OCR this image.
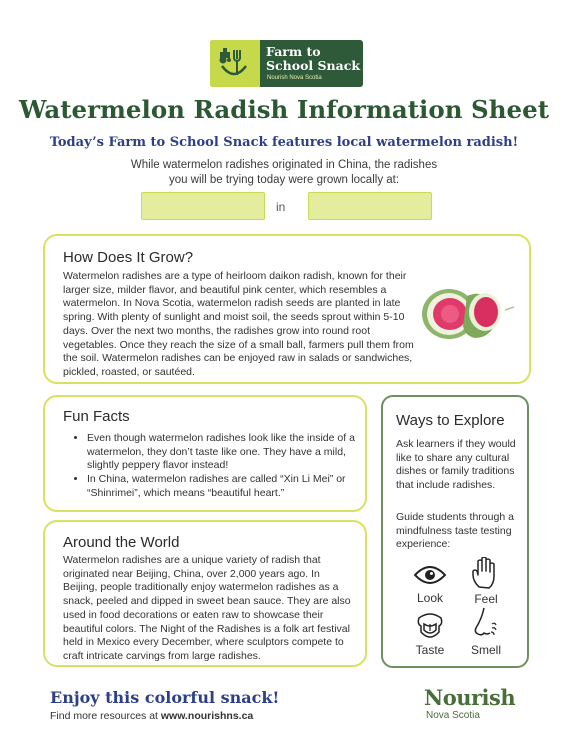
Farm to
School Snack
Nourish Nova Scotia
Watermelon Radish Information Sheet
Today’s Farm to School Snack features local watermelon radish!
While watermelon radishes originated in China, the radishes you will be trying today were grown locally at:
in
How Does It Grow?
Watermelon radishes are a type of heirloom daikon radish, known for their larger size, milder flavor, and beautiful pink center, which resembles a watermelon. In Nova Scotia, watermelon radish seeds are planted in late spring. With plenty of sunlight and moist soil, the seeds sprout within 5-10 days. Over the next two months, the radishes grow into round root vegetables. Once they reach the size of a small ball, farmers pull them from the soil. Watermelon radishes can be enjoyed raw in salads or sandwiches, pickled, roasted, or sautéed.
Fun Facts
• Even though watermelon radishes look like the inside of a watermelon, they don’t taste like one. They have a mild, slightly peppery flavor instead!
• In China, watermelon radishes are called “Xin Li Mei” or “Shinrimei”, which means “beautiful heart.”
Around the World
Watermelon radishes are a unique variety of radish that originated near Beijing, China, over 2,000 years ago. In Beijing, people traditionally enjoy watermelon radishes as a snack, peeled and dipped in sweet bean sauce. They are also used in food decorations or eaten raw to showcase their beautiful colors. The Night of the Radishes is a folk art festival held in Mexico every December, where sculptors compete to craft intricate carvings from large radishes.
Ways to Explore
Ask learners if they would like to share any cultural dishes or family traditions that include radishes.
Guide students through a mindfulness taste testing experience:
Look	Feel
Taste	Smell
Enjoy this colorful snack!
Find more resources at www.nourishns.ca
Nourish
Nova Scotia
